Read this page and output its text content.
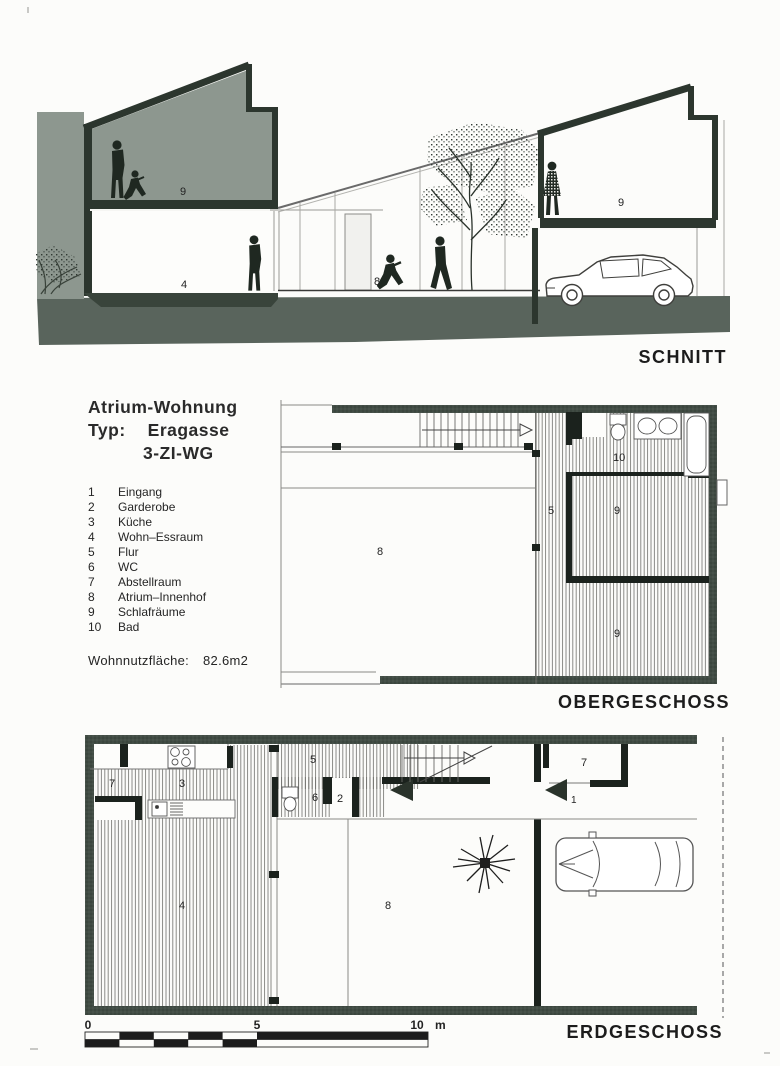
9
4	8
9
SCHNITT
Atrium-Wohnung
Typ: Eragasse
3-ZI-WG
1	Eingang
2	Garderobe
3	Küche
4	Wohn–Essraum
5	Flur
6	WC
7	Abstellraum
8	Atrium–Innenhof
9	Schlafräume
10	Bad
Wohnnutzfläche: 82.6m2
5
10
9
9
8
OBERGESCHOSS
7	3
4
5
6 2
7
1
8
0	5	10 m	ERDGESCHOSS
